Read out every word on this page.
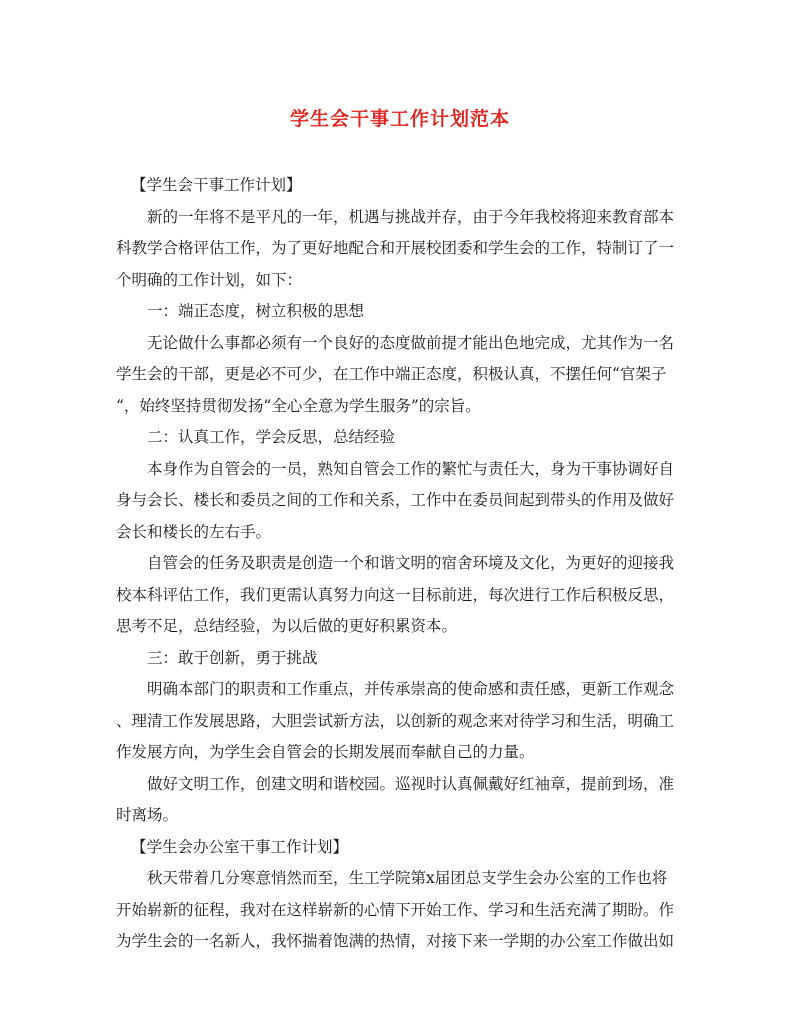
学生会干事工作计划范本
【学生会干事工作计划】
新的一年将不是平凡的一年，机遇与挑战并存，由于今年我校将迎来教育部本
科教学合格评估工作，为了更好地配合和开展校团委和学生会的工作，特制订了一
个明确的工作计划，如下：
一：端正态度，树立积极的思想
无论做什么事都必须有一个良好的态度做前提才能出色地完成，尤其作为一名
学生会的干部，更是必不可少，在工作中端正态度，积极认真，不摆任何“官架子
“，始终坚持贯彻发扬“全心全意为学生服务”的宗旨。
二：认真工作，学会反思，总结经验
本身作为自管会的一员，熟知自管会工作的繁忙与责任大，身为干事协调好自
身与会长、楼长和委员之间的工作和关系，工作中在委员间起到带头的作用及做好
会长和楼长的左右手。
自管会的任务及职责是创造一个和谐文明的宿舍环境及文化，为更好的迎接我
校本科评估工作，我们更需认真努力向这一目标前进，每次进行工作后积极反思，
思考不足，总结经验，为以后做的更好积累资本。
三：敢于创新，勇于挑战
明确本部门的职责和工作重点，并传承崇高的使命感和责任感，更新工作观念
、理清工作发展思路，大胆尝试新方法，以创新的观念来对待学习和生活，明确工
作发展方向，为学生会自管会的长期发展而奉献自己的力量。
做好文明工作，创建文明和谐校园。巡视时认真佩戴好红袖章，提前到场，准
时离场。
【学生会办公室干事工作计划】
秋天带着几分寒意悄然而至，生工学院第x届团总支学生会办公室的工作也将
开始崭新的征程，我对在这样崭新的心情下开始工作、学习和生活充满了期盼。作
为学生会的一名新人，我怀揣着饱满的热情，对接下来一学期的办公室工作做出如
